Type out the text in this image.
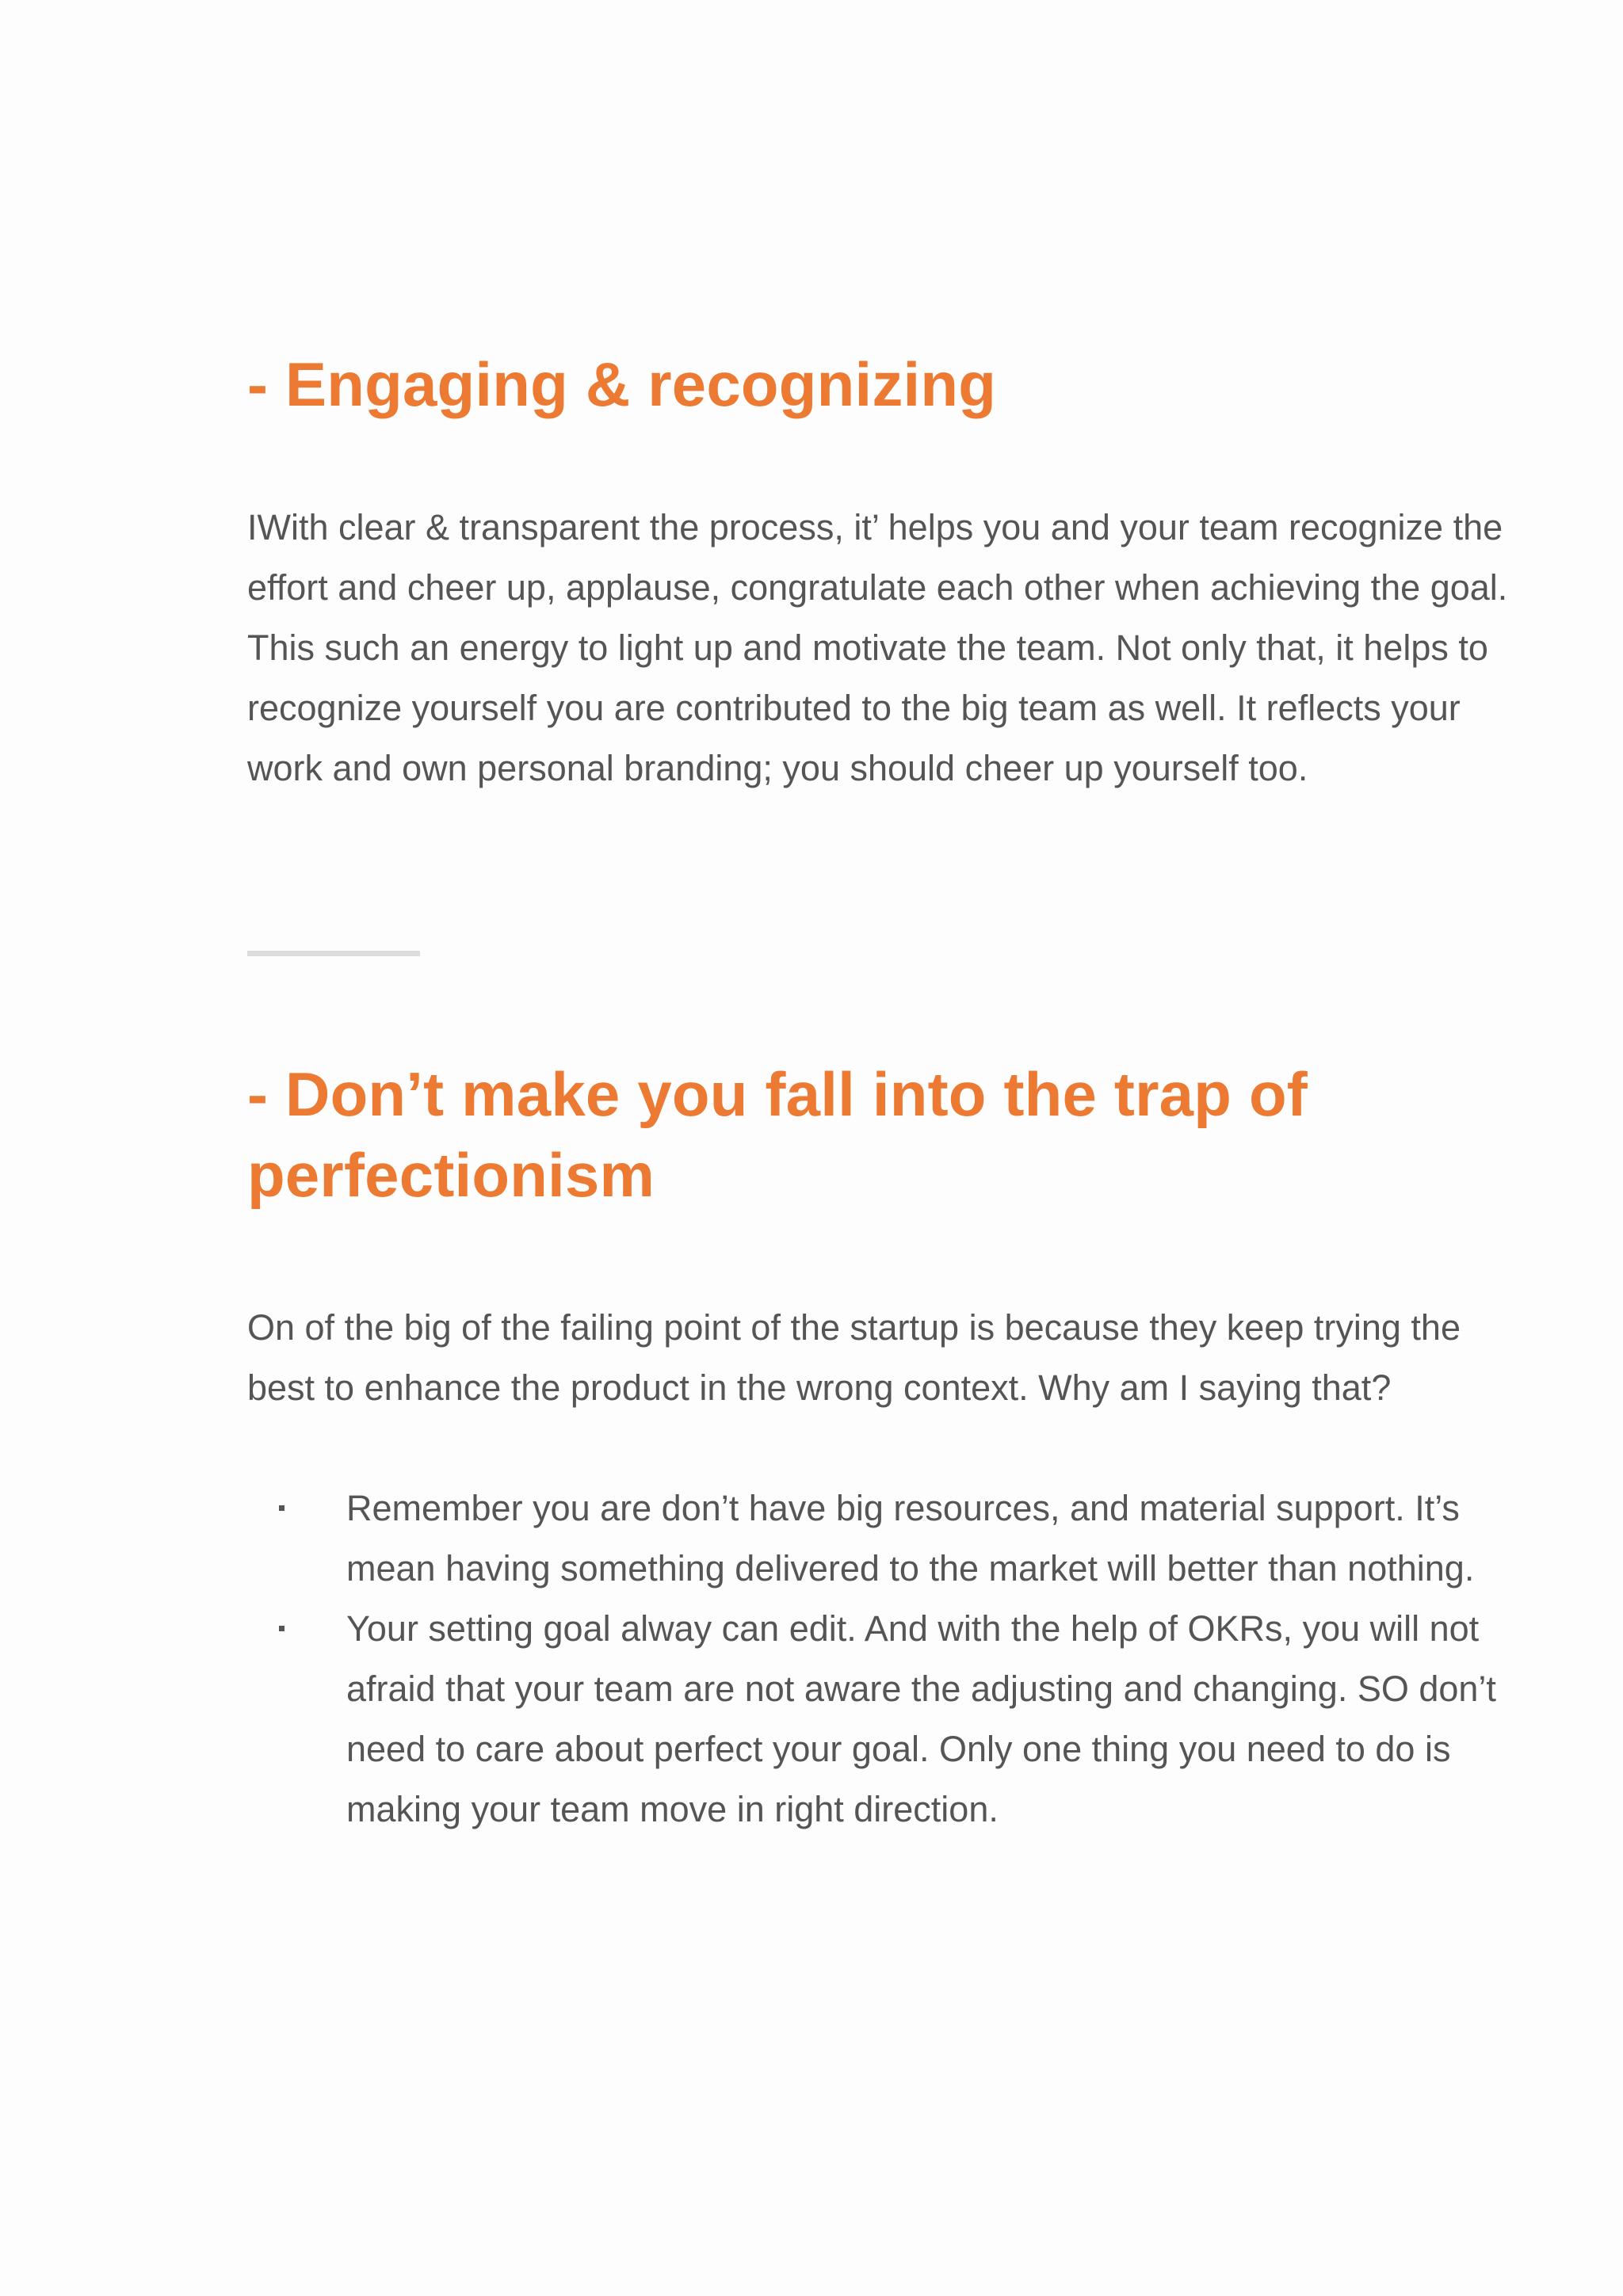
- Engaging & recognizing

IWith clear & transparent the process, it’ helps you and your team recognize the effort and cheer up, applause, congratulate each other when achieving the goal. This such an energy to light up and motivate the team. Not only that, it helps to recognize yourself you are contributed to the big team as well. It reflects your work and own personal branding; you should cheer up yourself too.

- Don’t make you fall into the trap of perfectionism

On of the big of the failing point of the startup is because they keep trying the best to enhance the product in the wrong context. Why am I saying that?

Remember you are don’t have big resources, and material support. It’s mean having something delivered to the market will better than nothing.
Your setting goal alway can edit. And with the help of OKRs, you will not afraid that your team are not aware the adjusting and changing. SO don’t need to care about perfect your goal. Only one thing you need to do is making your team move in right direction.
